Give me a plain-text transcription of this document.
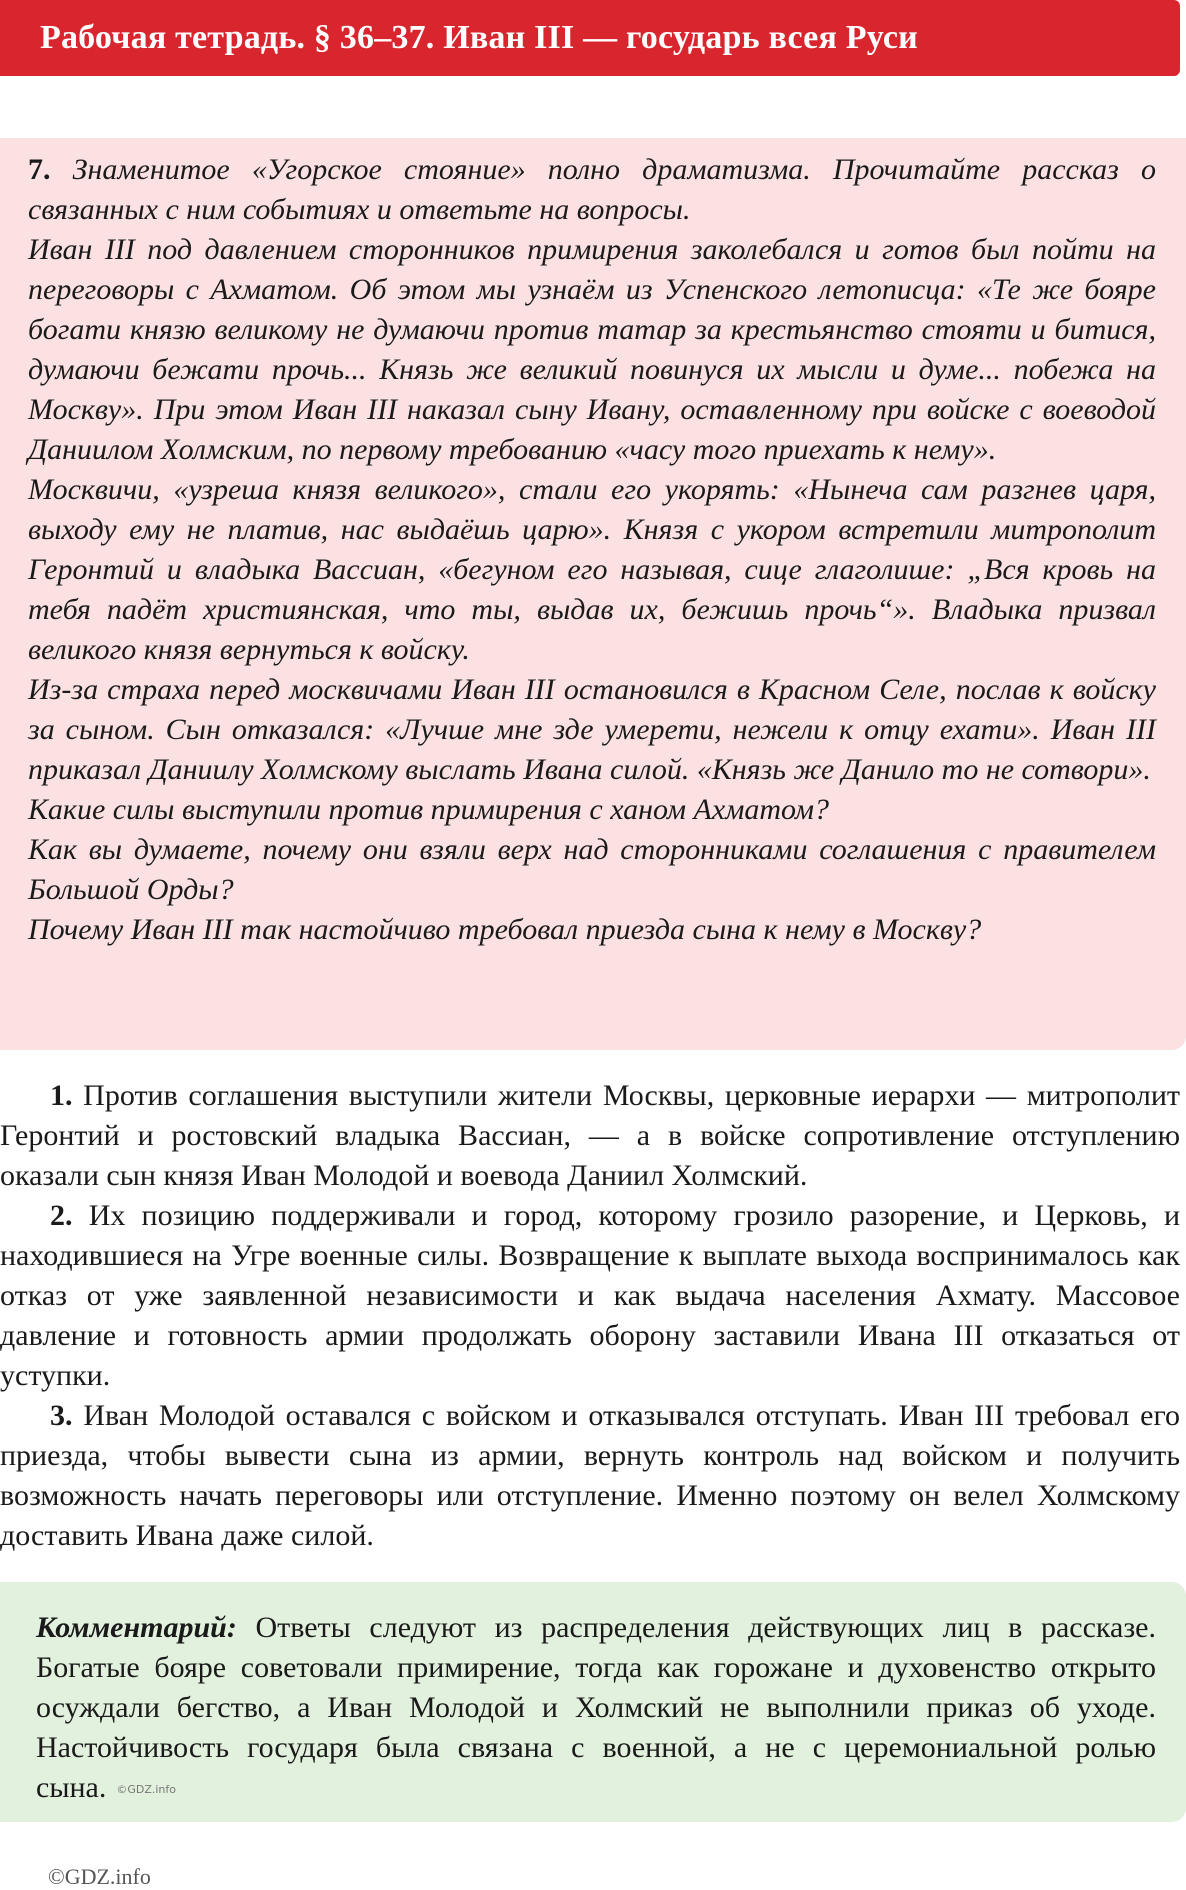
Рабочая тетрадь. § 36–37. Иван III — государь всея Руси

7. Знаменитое «Угорское стояние» полно драматизма. Прочитайте рассказ о связанных с ним событиях и ответьте на вопросы.

Иван III под давлением сторонников примирения заколебался и готов был пойти на переговоры с Ахматом. Об этом мы узнаём из Успенского летописца: «Те же бояре богати князю великому не думаючи против татар за крестьянство стояти и битися, думаючи бежати прочь... Князь же великий повинуся их мысли и думе... побежа на Москву». При этом Иван III наказал сыну Ивану, оставленному при войске с воеводой Даниилом Холмским, по первому требованию «часу того приехать к нему».

Москвичи, «узреша князя великого», стали его укорять: «Нынеча сам разгнев царя, выходу ему не платив, нас выдаёшь царю». Князя с укором встретили митрополит Геронтий и владыка Вассиан, «бегуном его называя, сице глаголише: „Вся кровь на тебя падёт християнская, что ты, выдав их, бежишь прочь“». Владыка призвал великого князя вернуться к войску.

Из-за страха перед москвичами Иван III остановился в Красном Селе, послав к войску за сыном. Сын отказался: «Лучше мне зде умерети, нежели к отцу ехати». Иван III приказал Даниилу Холмскому выслать Ивана силой. «Князь же Данило то не сотвори».

Какие силы выступили против примирения с ханом Ахматом?

Как вы думаете, почему они взяли верх над сторонниками соглашения с правителем Большой Орды?

Почему Иван III так настойчиво требовал приезда сына к нему в Москву?

1. Против соглашения выступили жители Москвы, церковные иерархи — митрополит Геронтий и ростовский владыка Вассиан, — а в войске сопротивление отступлению оказали сын князя Иван Молодой и воевода Даниил Холмский.

2. Их позицию поддерживали и город, которому грозило разорение, и Церковь, и находившиеся на Угре военные силы. Возвращение к выплате выхода воспринималось как отказ от уже заявленной независимости и как выдача населения Ахмату. Массовое давление и готовность армии продолжать оборону заставили Ивана III отказаться от уступки.

3. Иван Молодой оставался с войском и отказывался отступать. Иван III требовал его приезда, чтобы вывести сына из армии, вернуть контроль над войском и получить возможность начать переговоры или отступление. Именно поэтому он велел Холмскому доставить Ивана даже силой.

Комментарий: Ответы следуют из распределения действующих лиц в рассказе. Богатые бояре советовали примирение, тогда как горожане и духовенство открыто осуждали бегство, а Иван Молодой и Холмский не выполнили приказ об уходе. Настойчивость государя была связана с военной, а не с церемониальной ролью сына. ©GDZ.info

©GDZ.info
